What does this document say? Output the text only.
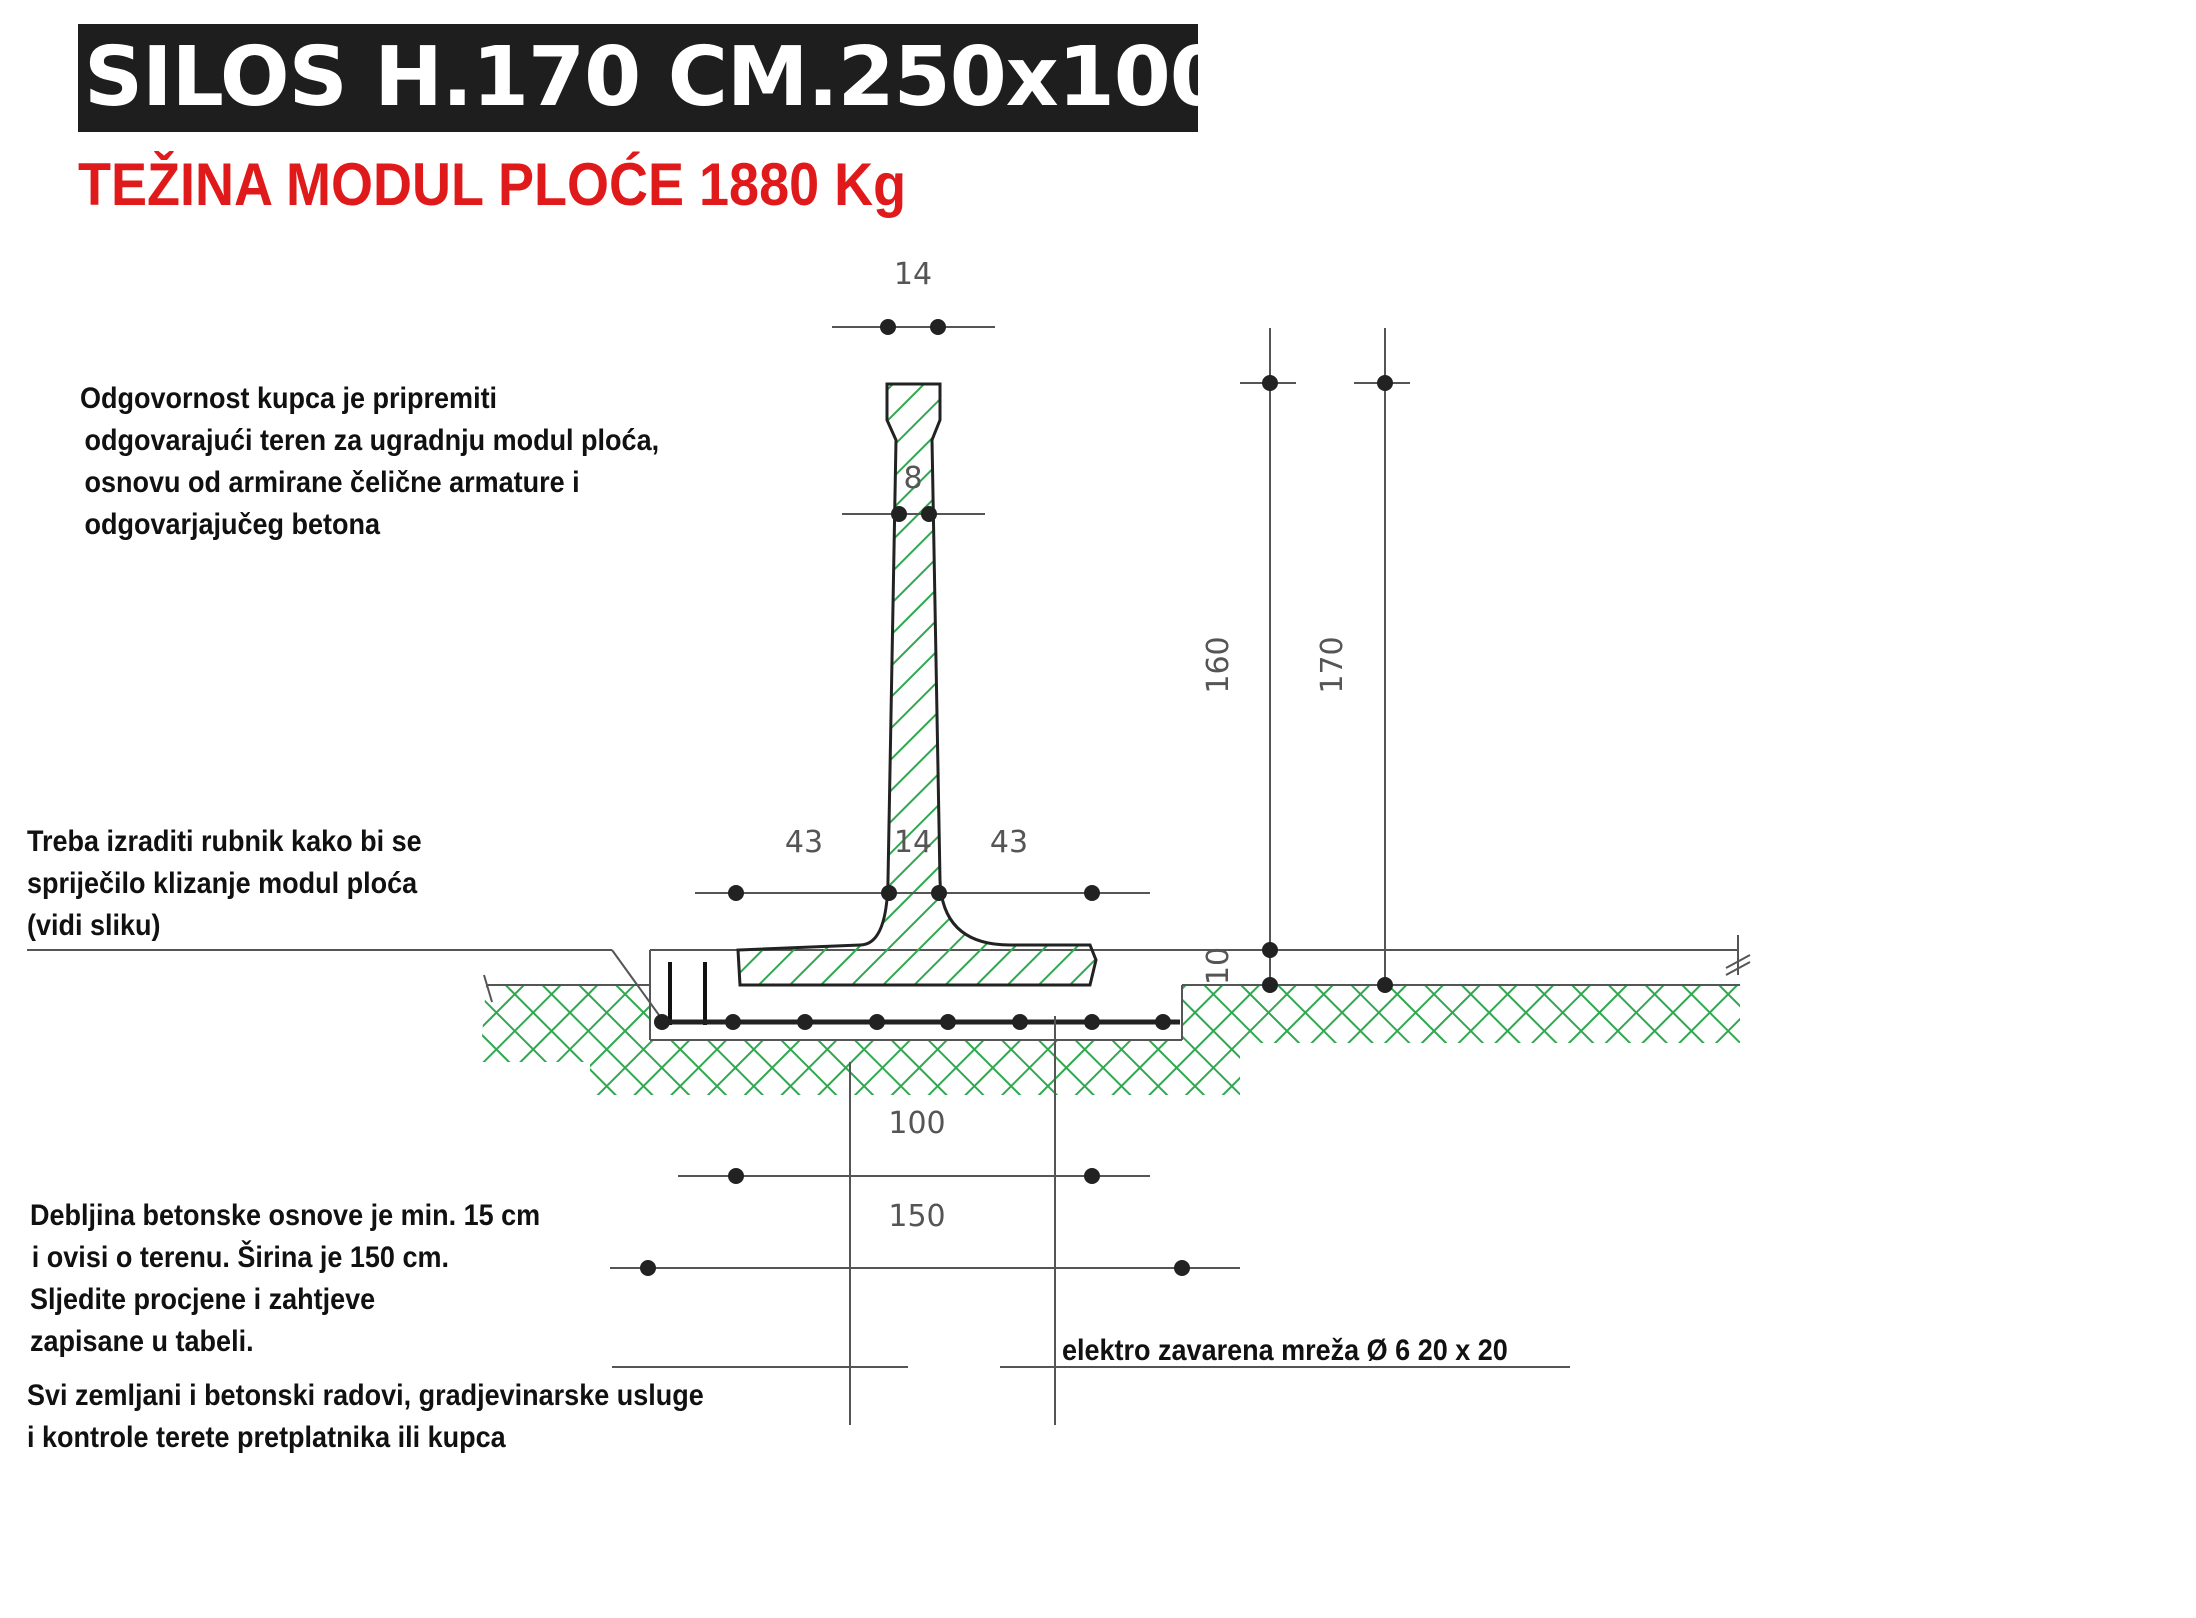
SILOS H.170 CM.250x100xH.170
TEŽINA MODUL PLOĆE 1880 Kg
Odgovornost kupca je pripremiti
odgovarajući teren za ugradnju modul ploća,
osnovu od armirane čelične armature i
odgovarjajučeg betona
Treba izraditi rubnik kako bi se
spriječilo klizanje modul ploća
(vidi sliku)
Debljina betonske osnove je min. 15 cm
i ovisi o terenu. Širina je 150 cm.
Sljedite procjene i zahtjeve
zapisane u tabeli.
Svi zemljani i betonski radovi, gradjevinarske usluge
i kontrole terete pretplatnika ili kupca
elektro zavarena mreža Ø 6 20 x 20
14
8
43 14 43
160	170
10
100
150
